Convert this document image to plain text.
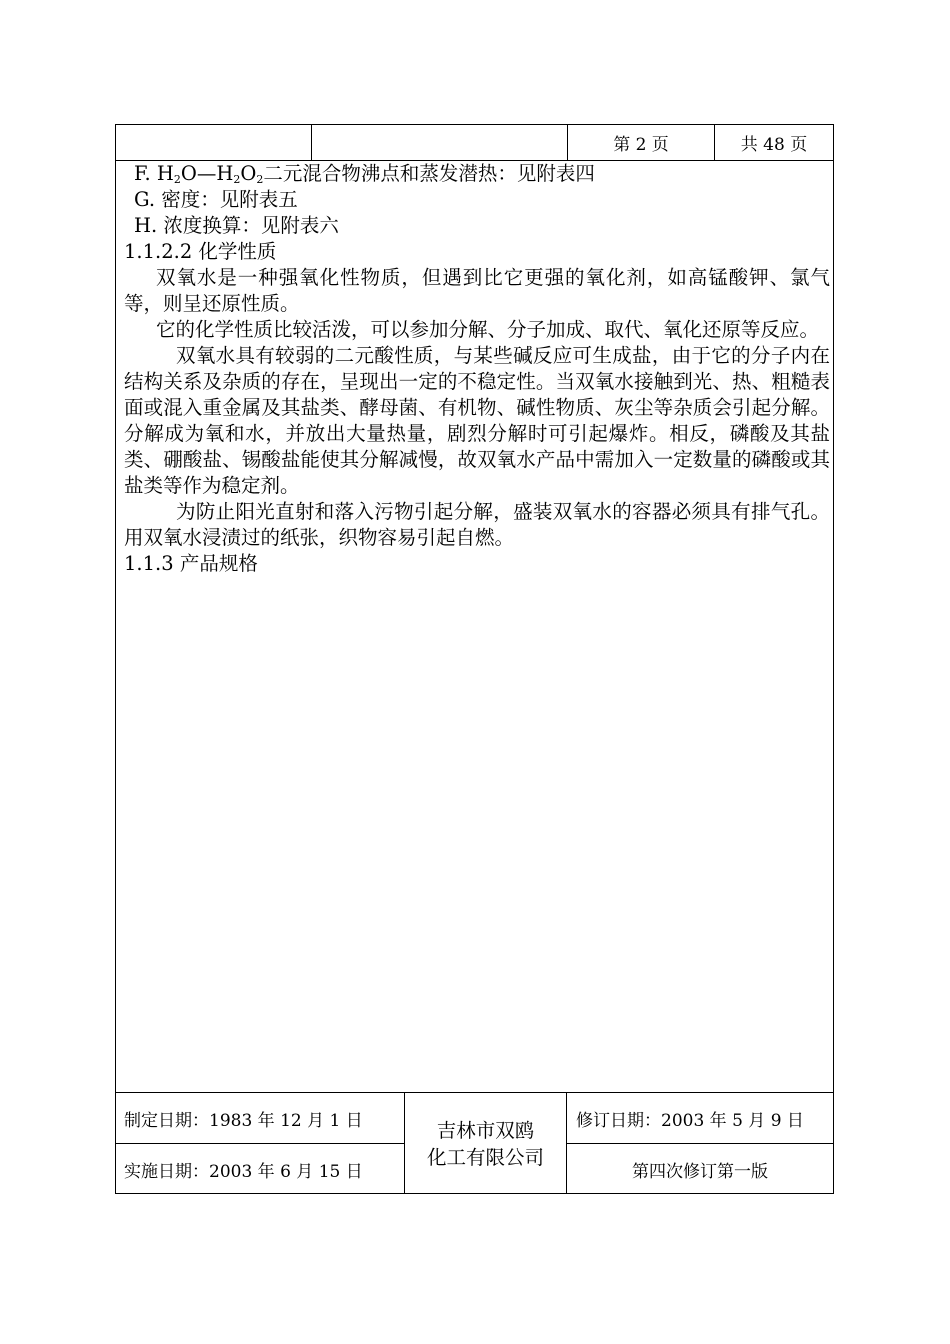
第 2 页	共 48 页

F. $H_2O—H_2O_2$二元混合物沸点和蒸发潜热：见附表四

G. 密度：见附表五

H. 浓度换算：见附表六

1.1.2.2 化学性质

双氧水是一种强氧化性物质，但遇到比它更强的氧化剂，如高锰酸钾、氯气等，则呈还原性质。

它的化学性质比较活泼，可以参加分解、分子加成、取代、氧化还原等反应。

双氧水具有较弱的二元酸性质，与某些碱反应可生成盐，由于它的分子内在结构关系及杂质的存在，呈现出一定的不稳定性。当双氧水接触到光、热、粗糙表面或混入重金属及其盐类、酵母菌、有机物、碱性物质、灰尘等杂质会引起分解。分解成为氧和水，并放出大量热量，剧烈分解时可引起爆炸。相反，磷酸及其盐类、硼酸盐、锡酸盐能使其分解减慢，故双氧水产品中需加入一定数量的磷酸或其盐类等作为稳定剂。

为防止阳光直射和落入污物引起分解，盛装双氧水的容器必须具有排气孔。用双氧水浸渍过的纸张，织物容易引起自燃。

1.1.3 产品规格

制定日期：1983 年 12 月 1 日
实施日期：2003 年 6 月 15 日
吉林市双鸥
化工有限公司
修订日期：2003 年 5 月 9 日
第四次修订第一版
